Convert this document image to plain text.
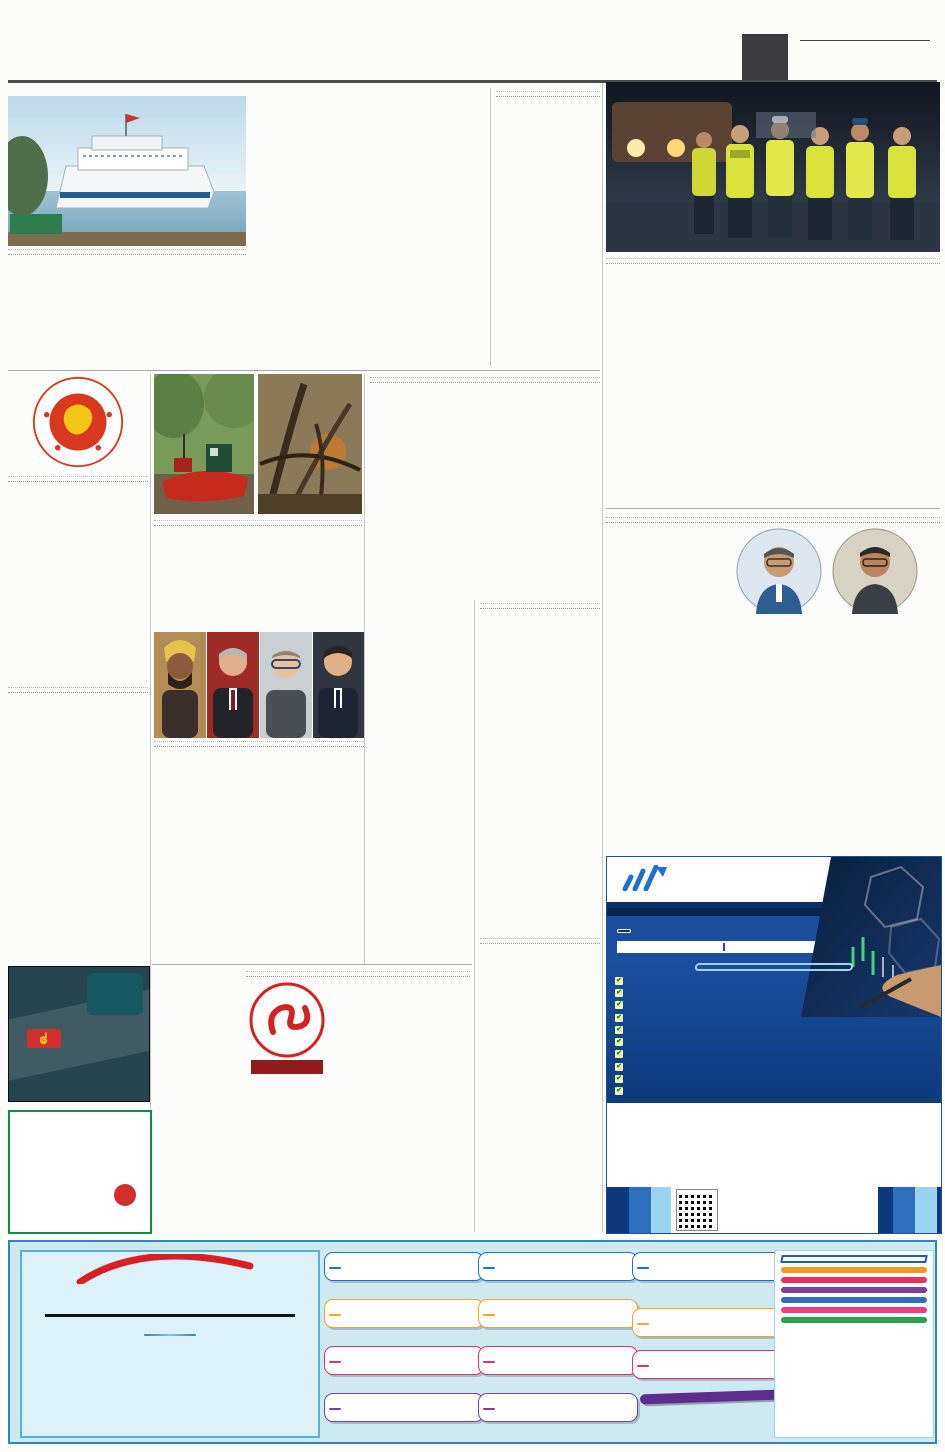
☝
✔
✔
✔
✔
✔
✔
✔
✔
✔
✔
